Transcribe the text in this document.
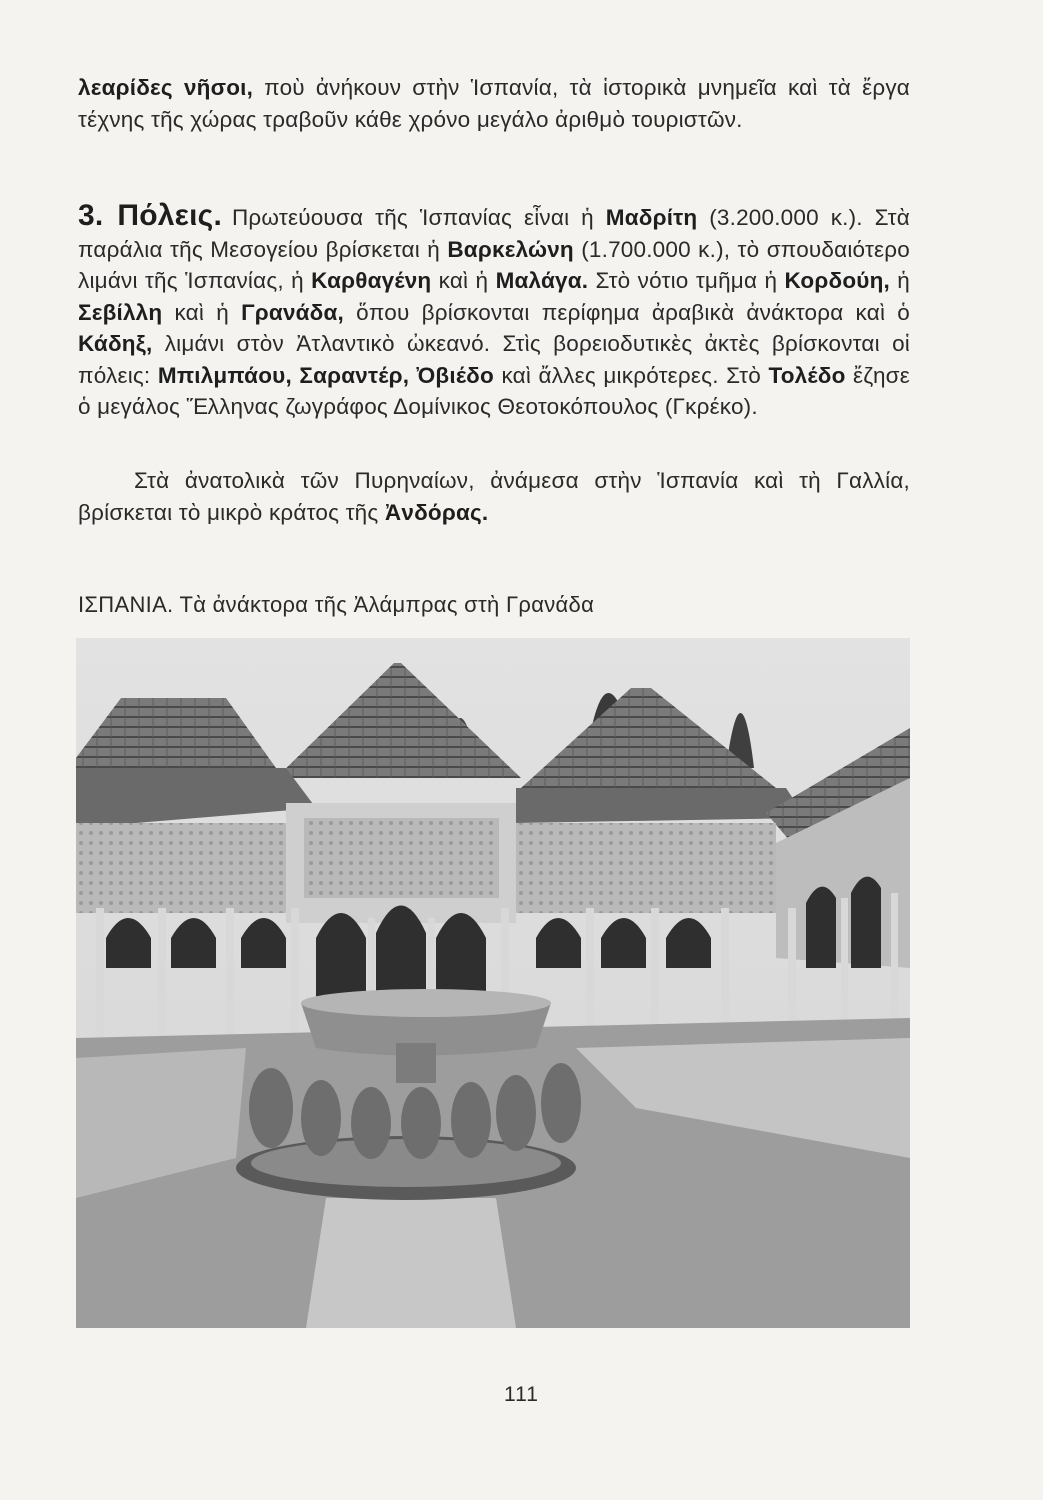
λεαρίδες νῆσοι, ποὺ ἀνήκουν στὴν Ἱσπανία, τὰ ἱστορικὰ μνημεῖα καὶ τὰ ἔργα τέχνης τῆς χώρας τραβοῦν κάθε χρόνο μεγάλο ἀριθμὸ τουριστῶν.

3. Πόλεις. Πρωτεύουσα τῆς Ἱσπανίας εἶναι ἡ Μαδρίτη (3.200.000 κ.). Στὰ παράλια τῆς Μεσογείου βρίσκεται ἡ Βαρκελώνη (1.700.000 κ.), τὸ σπουδαιότερο λιμάνι τῆς Ἱσπανίας, ἡ Καρθαγένη καὶ ἡ Μαλάγα. Στὸ νότιο τμῆμα ἡ Κορδούη, ἡ Σεβίλλη καὶ ἡ Γρανάδα, ὅπου βρίσκονται περίφημα ἀραβικὰ ἀνάκτορα καὶ ὁ Κάδηξ, λιμάνι στὸν Ἀτλαντικὸ ὠκεανό. Στὶς βορειοδυτικὲς ἀκτὲς βρίσκονται οἱ πόλεις: Μπιλμπάου, Σαραντέρ, Ὀβιέδο καὶ ἄλλες μικρότερες. Στὸ Τολέδο ἔζησε ὁ μεγάλος Ἕλληνας ζωγράφος Δομίνικος Θεοτοκόπουλος (Γκρέκο).

Στὰ ἀνατολικὰ τῶν Πυρηναίων, ἀνάμεσα στὴν Ἱσπανία καὶ τὴ Γαλλία, βρίσκεται τὸ μικρὸ κράτος τῆς Ἀνδόρας.

ΙΣΠΑΝΙΑ. Τὰ ἀνάκτορα τῆς Ἀλάμπρας στὴ Γρανάδα
111
